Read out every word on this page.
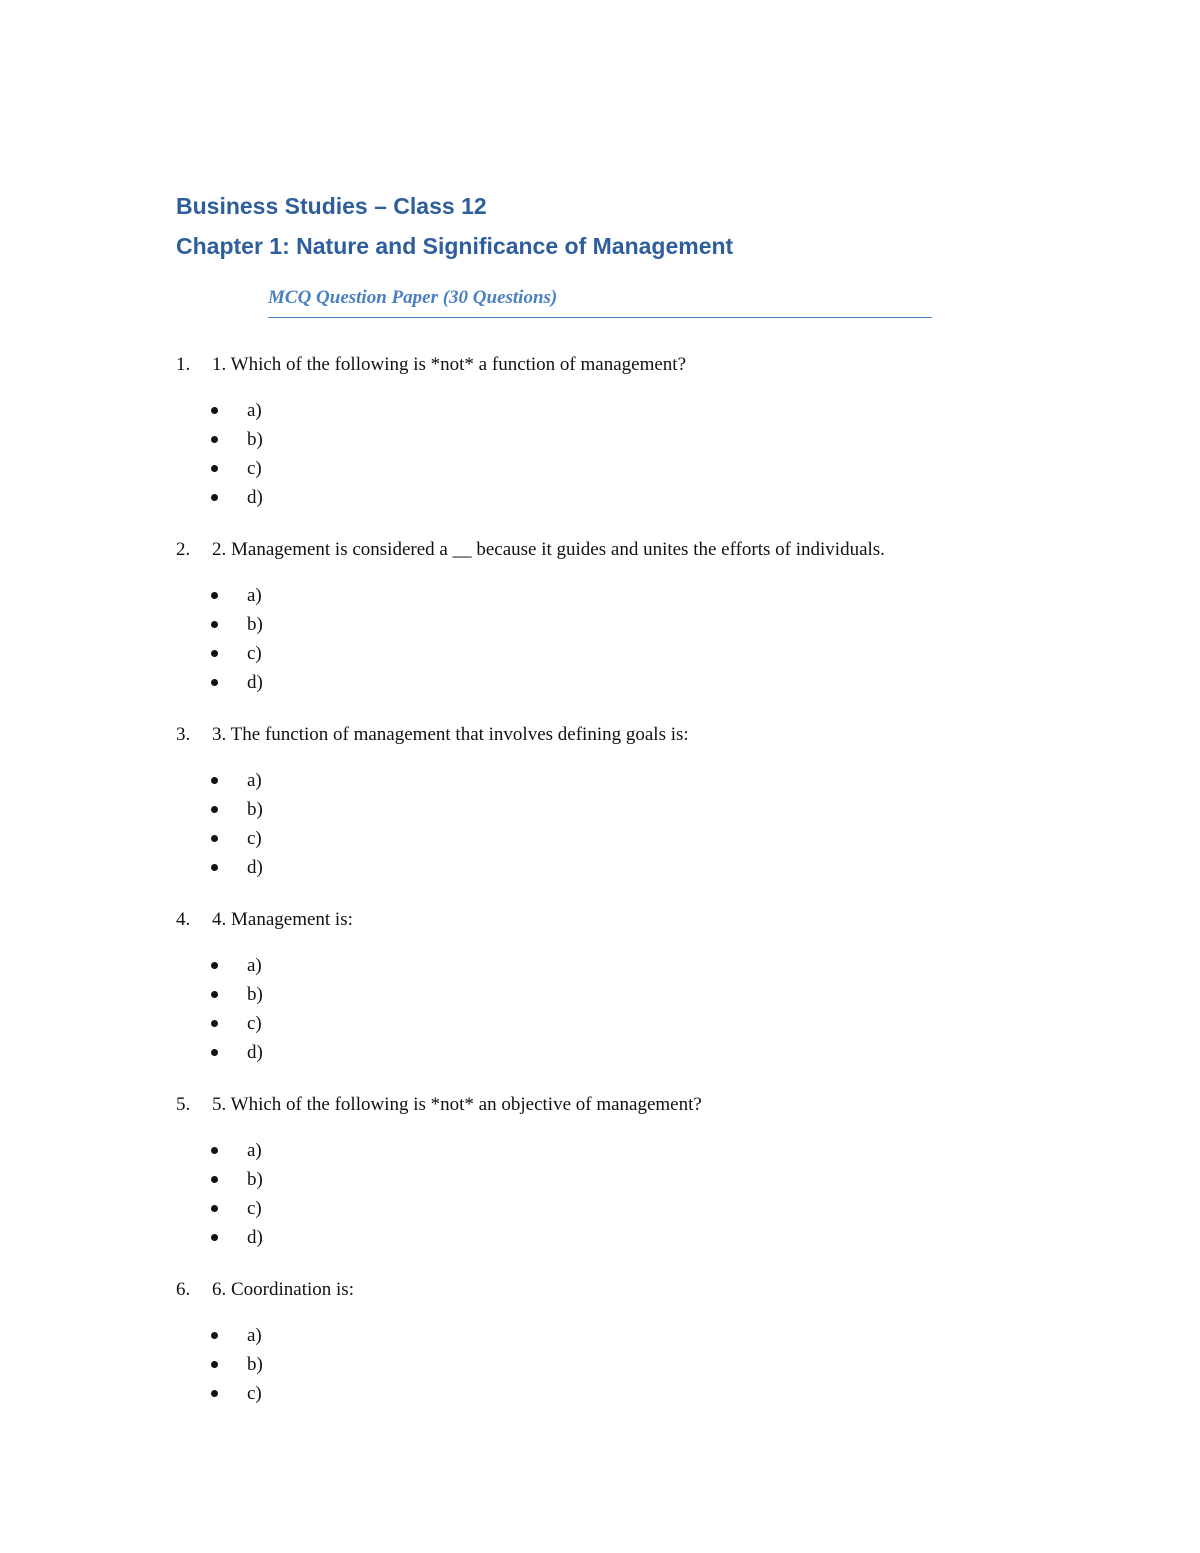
Business Studies – Class 12
Chapter 1: Nature and Significance of Management
MCQ Question Paper (30 Questions)
1. 1. Which of the following is *not* a function of management?
a)
b)
c)
d)
2. 2. Management is considered a __ because it guides and unites the efforts of individuals.
a)
b)
c)
d)
3. 3. The function of management that involves defining goals is:
a)
b)
c)
d)
4. 4. Management is:
a)
b)
c)
d)
5. 5. Which of the following is *not* an objective of management?
a)
b)
c)
d)
6. 6. Coordination is:
a)
b)
c)
